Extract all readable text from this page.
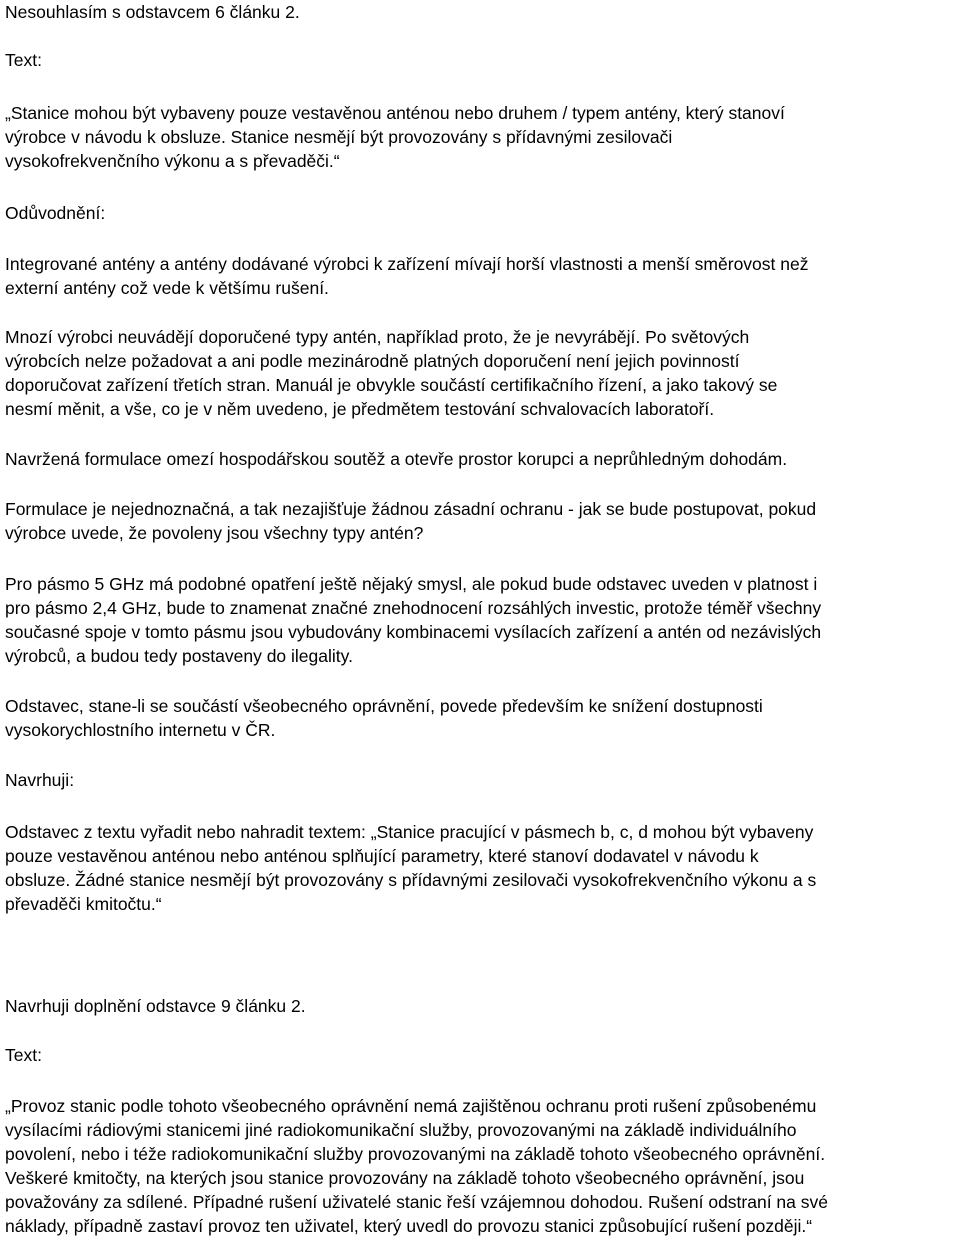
Nesouhlasím s odstavcem 6 článku 2.

Text:

„Stanice mohou být vybaveny pouze vestavěnou anténou nebo druhem / typem antény, který stanoví
výrobce v návodu k obsluze. Stanice nesmějí být provozovány s přídavnými zesilovači
vysokofrekvenčního výkonu a s převaděči.“

Odůvodnění:

Integrované antény a antény dodávané výrobci k zařízení mívají horší vlastnosti a menší směrovost než
externí antény což vede k většímu rušení.

Mnozí výrobci neuvádějí doporučené typy antén, například proto, že je nevyrábějí. Po světových
výrobcích nelze požadovat a ani podle mezinárodně platných doporučení není jejich povinností
doporučovat zařízení třetích stran. Manuál je obvykle součástí certifikačního řízení, a jako takový se
nesmí měnit, a vše, co je v něm uvedeno, je předmětem testování schvalovacích laboratoří.

Navržená formulace omezí hospodářskou soutěž a otevře prostor korupci a neprůhledným dohodám.

Formulace je nejednoznačná, a tak nezajišťuje žádnou zásadní ochranu - jak se bude postupovat, pokud
výrobce uvede, že povoleny jsou všechny typy antén?

Pro pásmo 5 GHz má podobné opatření ještě nějaký smysl, ale pokud bude odstavec uveden v platnost i
pro pásmo 2,4 GHz, bude to znamenat značné znehodnocení rozsáhlých investic, protože téměř všechny
současné spoje v tomto pásmu jsou vybudovány kombinacemi vysílacích zařízení a antén od nezávislých
výrobců, a budou tedy postaveny do ilegality.

Odstavec, stane-li se součástí všeobecného oprávnění, povede především ke snížení dostupnosti
vysokorychlostního internetu v ČR.

Navrhuji:

Odstavec z textu vyřadit nebo nahradit textem: „Stanice pracující v pásmech b, c, d mohou být vybaveny
pouze vestavěnou anténou nebo anténou splňující parametry, které stanoví dodavatel v návodu k
obsluze. Žádné stanice nesmějí být provozovány s přídavnými zesilovači vysokofrekvenčního výkonu a s
převaděči kmitočtu.“

Navrhuji doplnění odstavce 9 článku 2.

Text:

„Provoz stanic podle tohoto všeobecného oprávnění nemá zajištěnou ochranu proti rušení způsobenému
vysílacími rádiovými stanicemi jiné radiokomunikační služby, provozovanými na základě individuálního
povolení, nebo i téže radiokomunikační služby provozovanými na základě tohoto všeobecného oprávnění.
Veškeré kmitočty, na kterých jsou stanice provozovány na základě tohoto všeobecného oprávnění, jsou
považovány za sdílené. Případné rušení uživatelé stanic řeší vzájemnou dohodou. Rušení odstraní na své
náklady, případně zastaví provoz ten uživatel, který uvedl do provozu stanici způsobující rušení později.“
